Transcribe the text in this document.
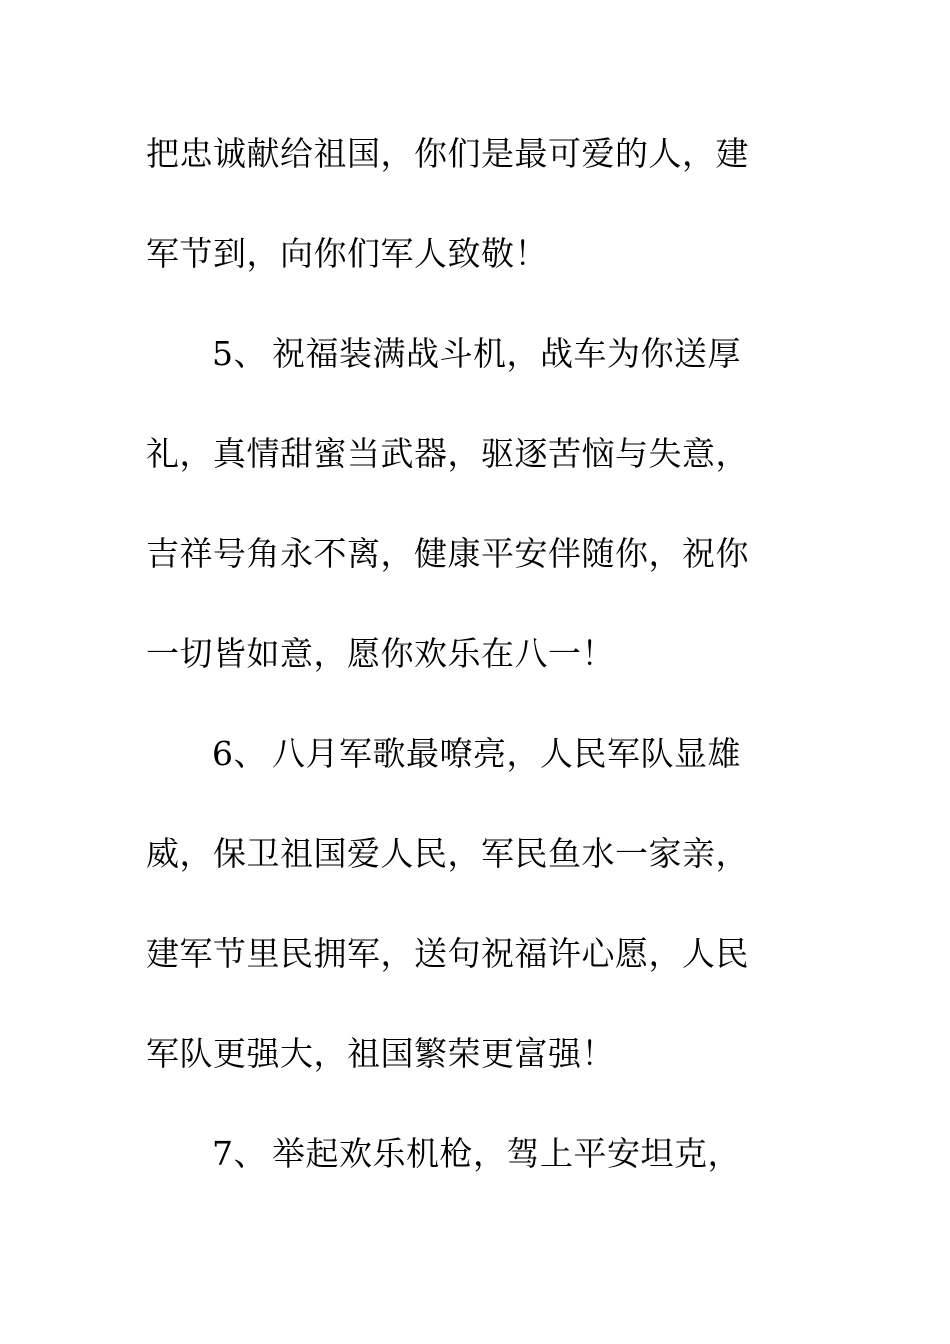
把忠诚献给祖国，你们是最可爱的人，建
军节到，向你们军人致敬！
5、 祝福装满战斗机，战车为你送厚
礼，真情甜蜜当武器，驱逐苦恼与失意，
吉祥号角永不离，健康平安伴随你，祝你
一切皆如意，愿你欢乐在八一！
6、 八月军歌最嘹亮，人民军队显雄
威，保卫祖国爱人民，军民鱼水一家亲，
建军节里民拥军，送句祝福许心愿，人民
军队更强大，祖国繁荣更富强！
7、 举起欢乐机枪，驾上平安坦克，
